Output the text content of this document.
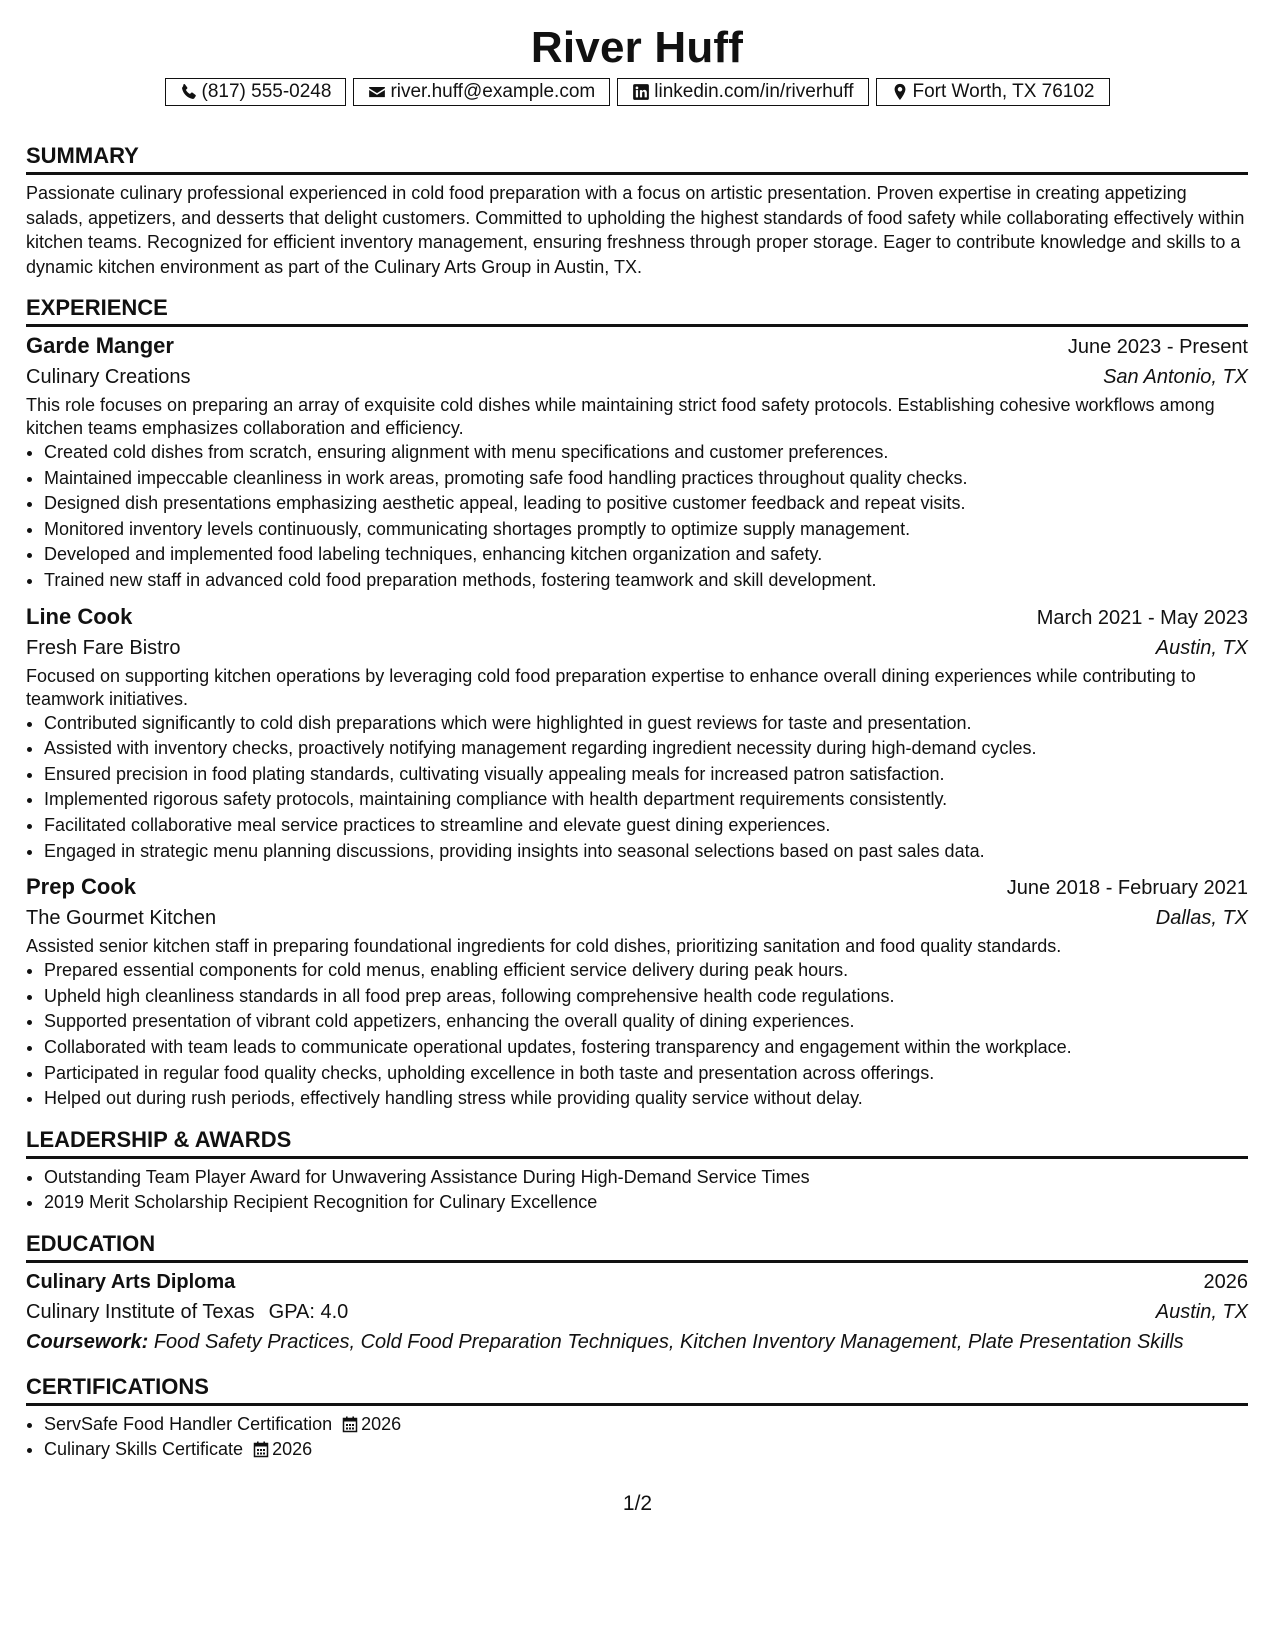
River Huff
(817) 555-0248	river.huff@example.com	linkedin.com/in/riverhuff	Fort Worth, TX 76102
SUMMARY

Passionate culinary professional experienced in cold food preparation with a focus on artistic presentation. Proven expertise in creating appetizing salads, appetizers, and desserts that delight customers. Committed to upholding the highest standards of food safety while collaborating effectively within kitchen teams. Recognized for efficient inventory management, ensuring freshness through proper storage. Eager to contribute knowledge and skills to a dynamic kitchen environment as part of the Culinary Arts Group in Austin, TX.

EXPERIENCE
Garde Manger	June 2023 - Present
Culinary Creations	San Antonio, TX

This role focuses on preparing an array of exquisite cold dishes while maintaining strict food safety protocols. Establishing cohesive workflows among kitchen teams emphasizes collaboration and efficiency.

• Created cold dishes from scratch, ensuring alignment with menu specifications and customer preferences.
• Maintained impeccable cleanliness in work areas, promoting safe food handling practices throughout quality checks.
• Designed dish presentations emphasizing aesthetic appeal, leading to positive customer feedback and repeat visits.
• Monitored inventory levels continuously, communicating shortages promptly to optimize supply management.
• Developed and implemented food labeling techniques, enhancing kitchen organization and safety.
• Trained new staff in advanced cold food preparation methods, fostering teamwork and skill development.
Line Cook	March 2021 - May 2023
Fresh Fare Bistro	Austin, TX

Focused on supporting kitchen operations by leveraging cold food preparation expertise to enhance overall dining experiences while contributing to teamwork initiatives.

• Contributed significantly to cold dish preparations which were highlighted in guest reviews for taste and presentation.
• Assisted with inventory checks, proactively notifying management regarding ingredient necessity during high-demand cycles.
• Ensured precision in food plating standards, cultivating visually appealing meals for increased patron satisfaction.
• Implemented rigorous safety protocols, maintaining compliance with health department requirements consistently.
• Facilitated collaborative meal service practices to streamline and elevate guest dining experiences.
• Engaged in strategic menu planning discussions, providing insights into seasonal selections based on past sales data.
Prep Cook	June 2018 - February 2021
The Gourmet Kitchen	Dallas, TX

Assisted senior kitchen staff in preparing foundational ingredients for cold dishes, prioritizing sanitation and food quality standards.

• Prepared essential components for cold menus, enabling efficient service delivery during peak hours.
• Upheld high cleanliness standards in all food prep areas, following comprehensive health code regulations.
• Supported presentation of vibrant cold appetizers, enhancing the overall quality of dining experiences.
• Collaborated with team leads to communicate operational updates, fostering transparency and engagement within the workplace.
• Participated in regular food quality checks, upholding excellence in both taste and presentation across offerings.
• Helped out during rush periods, effectively handling stress while providing quality service without delay.
LEADERSHIP & AWARDS
• Outstanding Team Player Award for Unwavering Assistance During High-Demand Service Times
• 2019 Merit Scholarship Recipient Recognition for Culinary Excellence
EDUCATION
Culinary Arts Diploma	2026
Culinary Institute of Texas GPA: 4.0	Austin, TX
Coursework: Food Safety Practices, Cold Food Preparation Techniques, Kitchen Inventory Management, Plate Presentation Skills
CERTIFICATIONS
• ServSafe Food Handler Certification 2026
• Culinary Skills Certificate 2026
1/2
